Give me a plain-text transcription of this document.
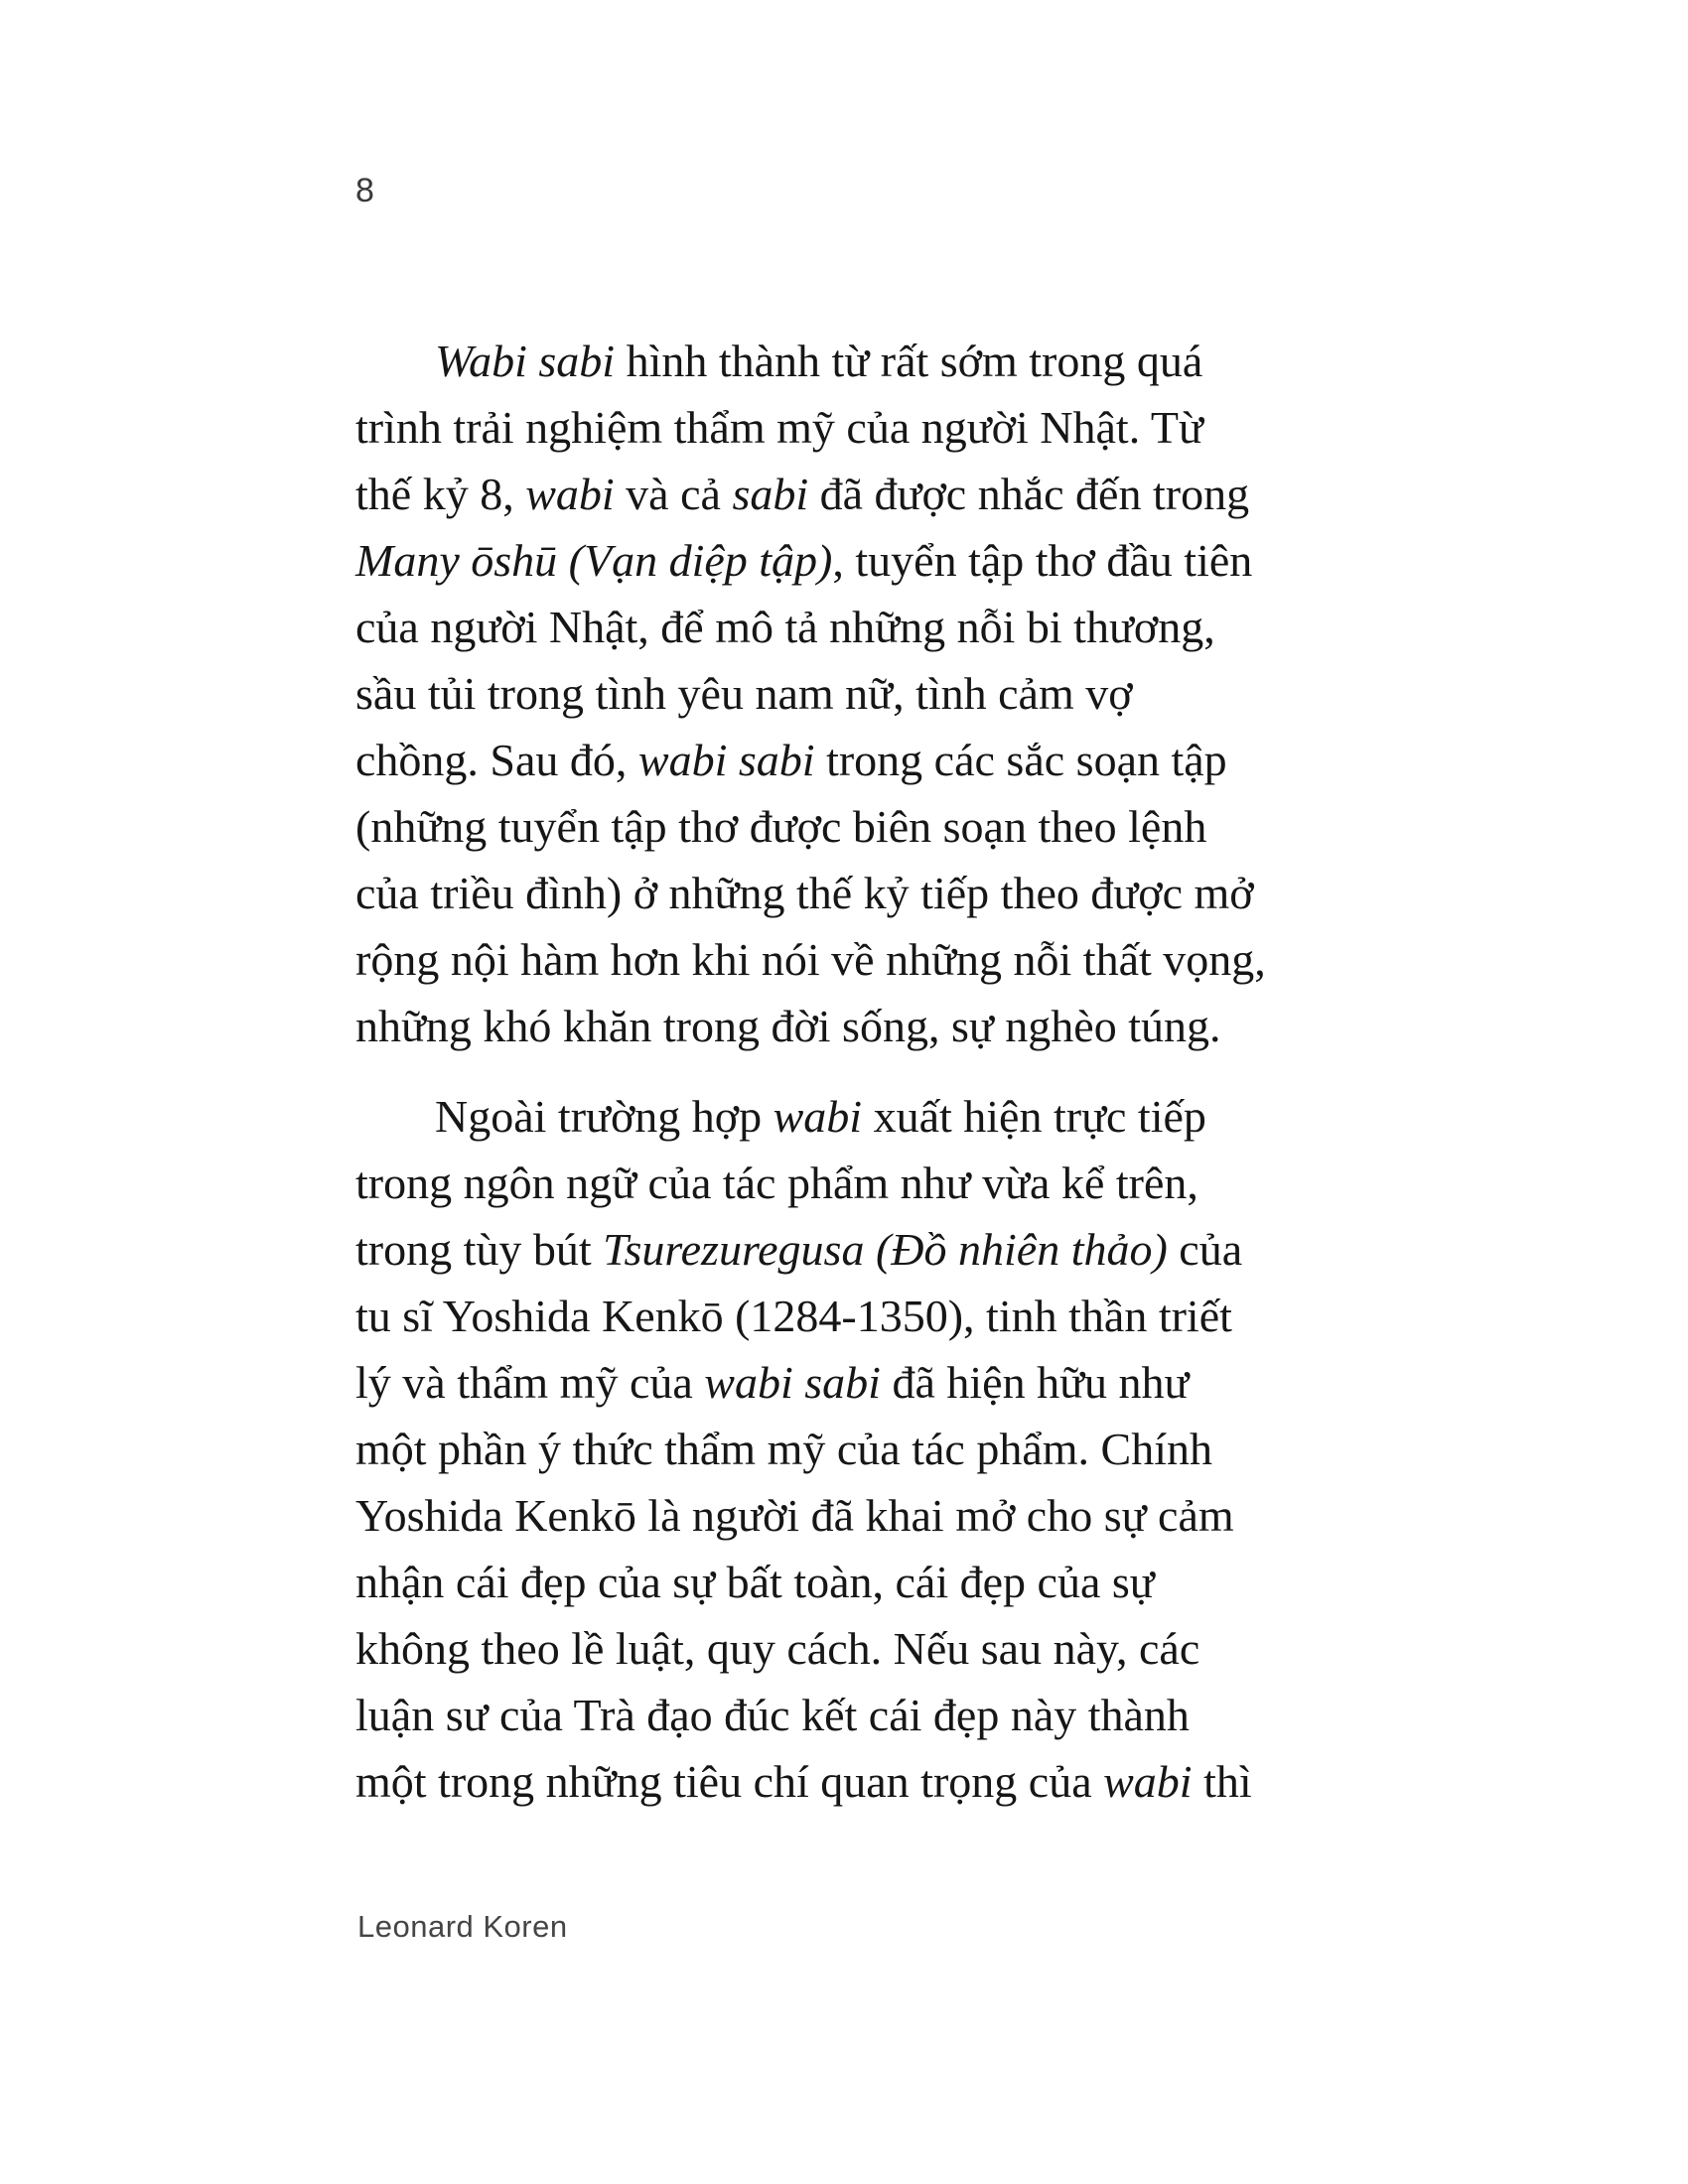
8
Wabi sabi hình thành từ rất sớm trong quá
trình trải nghiệm thẩm mỹ của người Nhật. Từ
thế kỷ 8, wabi và cả sabi đã được nhắc đến trong
Many ōshū (Vạn diệp tập), tuyển tập thơ đầu tiên
của người Nhật, để mô tả những nỗi bi thương,
sầu tủi trong tình yêu nam nữ, tình cảm vợ
chồng. Sau đó, wabi sabi trong các sắc soạn tập
(những tuyển tập thơ được biên soạn theo lệnh
của triều đình) ở những thế kỷ tiếp theo được mở
rộng nội hàm hơn khi nói về những nỗi thất vọng,
những khó khăn trong đời sống, sự nghèo túng.
Ngoài trường hợp wabi xuất hiện trực tiếp
trong ngôn ngữ của tác phẩm như vừa kể trên,
trong tùy bút Tsurezuregusa (Đồ nhiên thảo) của
tu sĩ Yoshida Kenkō (1284-1350), tinh thần triết
lý và thẩm mỹ của wabi sabi đã hiện hữu như
một phần ý thức thẩm mỹ của tác phẩm. Chính
Yoshida Kenkō là người đã khai mở cho sự cảm
nhận cái đẹp của sự bất toàn, cái đẹp của sự
không theo lề luật, quy cách. Nếu sau này, các
luận sư của Trà đạo đúc kết cái đẹp này thành
một trong những tiêu chí quan trọng của wabi thì
Leonard Koren
